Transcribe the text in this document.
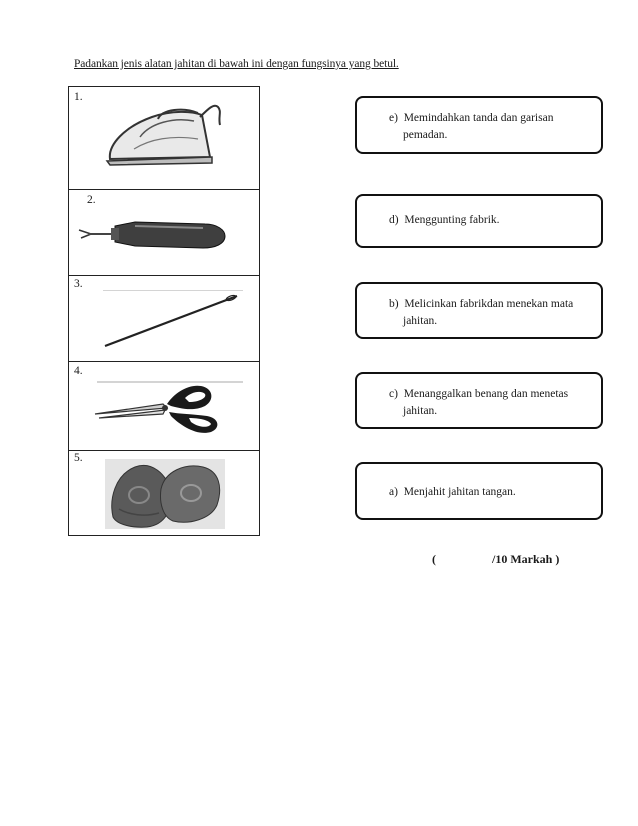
Padankan jenis alatan jahitan di bawah ini dengan fungsinya yang betul.
1.
2.
3.
4.
5.
e) Memindahkan tanda dan garisan pemadan.
d) Menggunting fabrik.
b) Melicinkan fabrikdan menekan mata jahitan.
c) Menanggalkan benang dan menetas jahitan.
a) Menjahit jahitan tangan.
(	/10 Markah )
